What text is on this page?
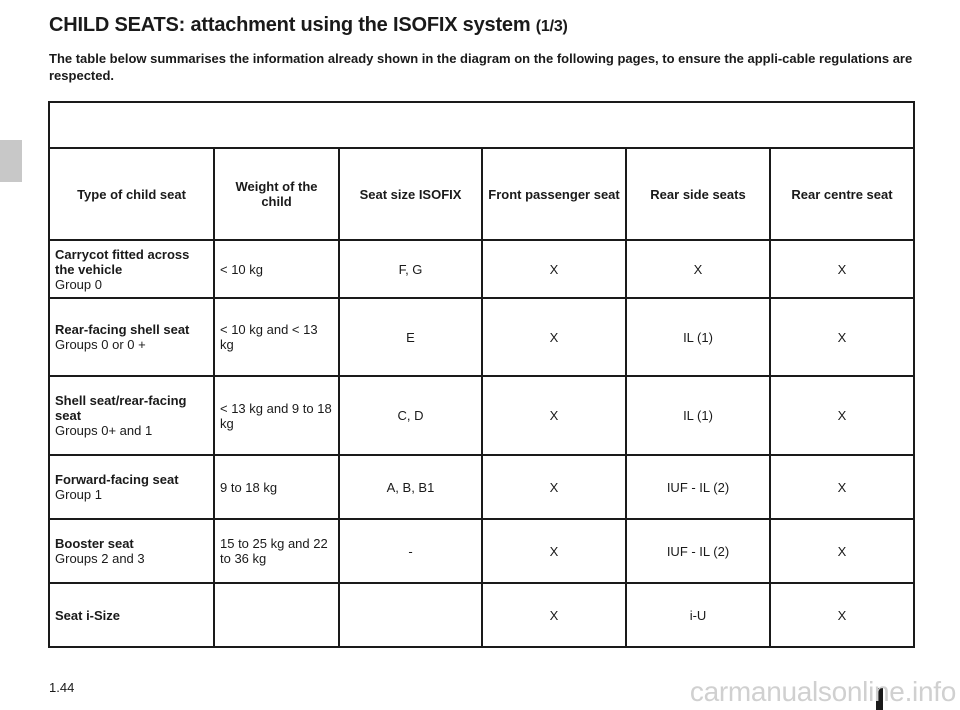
CHILD SEATS: attachment using the ISOFIX system (1/3)

The table below summarises the information already shown in the diagram on the following pages, to ensure the appli-cable regulations are respected.

Type of child seat	Weight of the child	Seat size ISOFIX	Front passenger seat	Rear side seats	Rear centre seat

Carrycot fitted across the vehicle
Group 0	< 10 kg	F, G	X	X	X

Rear-facing shell seat
Groups 0 or 0 +	< 10 kg and < 13 kg	E	X	IL (1)	X

Shell seat/rear-facing seat
Groups 0+ and 1	< 13 kg and 9 to 18 kg	C, D	X	IL (1)	X

Forward-facing seat
Group 1	9 to 18 kg	A, B, B1	X	IUF - IL (2)	X

Booster seat
Groups 2 and 3	15 to 25 kg and 22 to 36 kg	-	X	IUF - IL (2)	X

Seat i-Size			X	i-U	X
1.44	carmanualsonline.info
